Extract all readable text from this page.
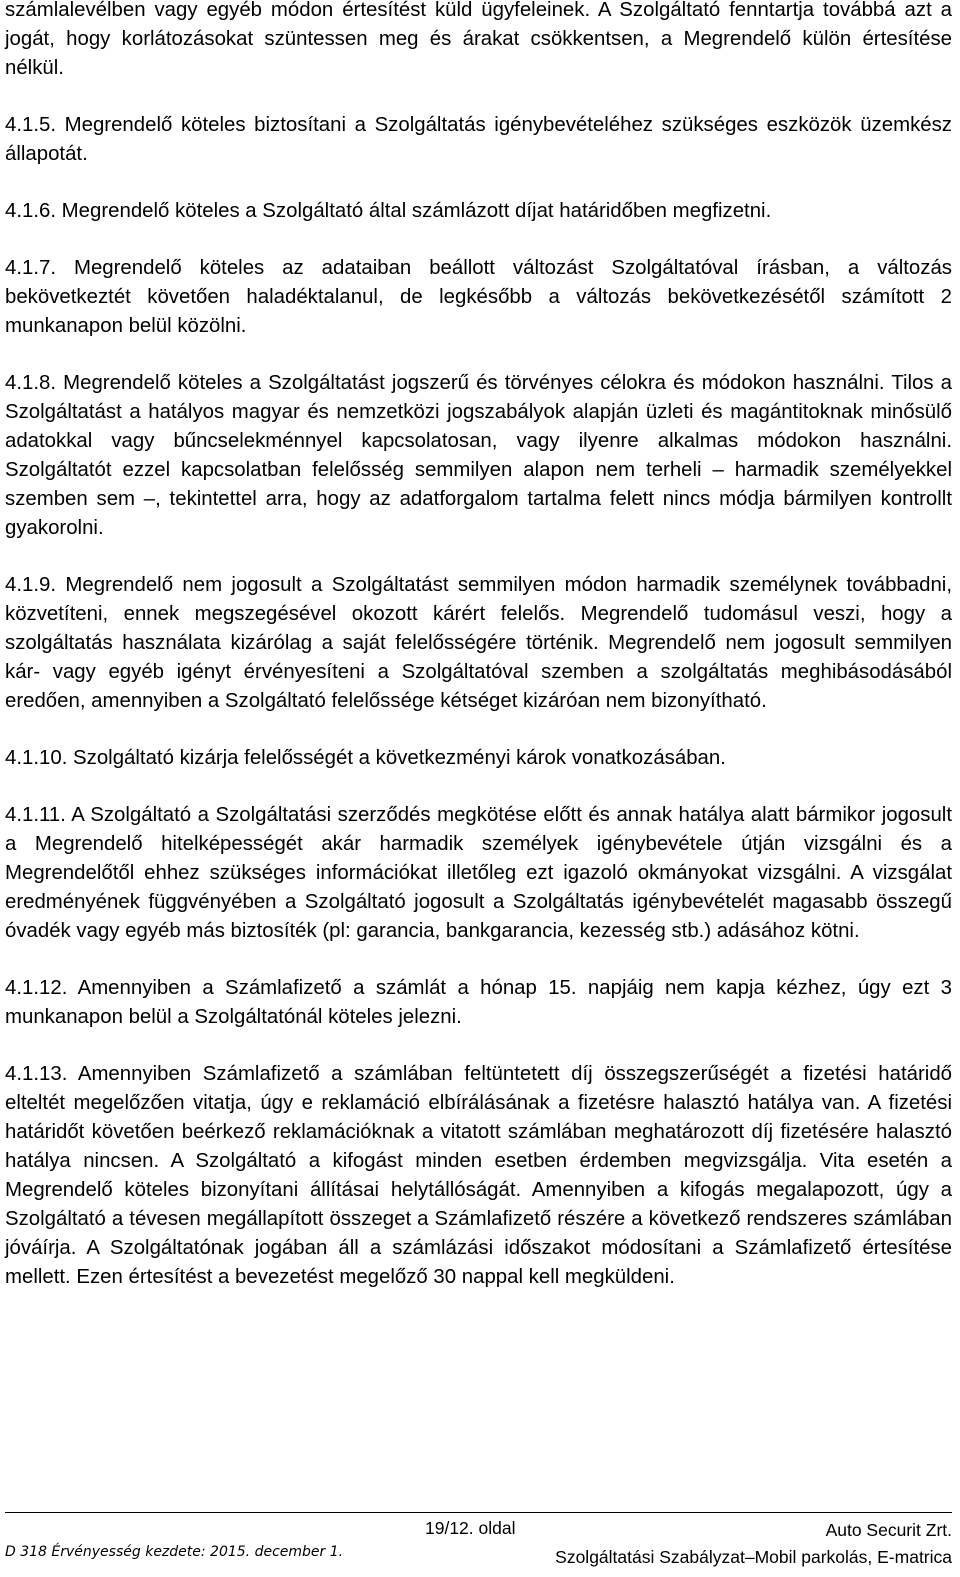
számlalevélben vagy egyéb módon értesítést küld ügyfeleinek. A Szolgáltató fenntartja továbbá azt a jogát, hogy korlátozásokat szüntessen meg és árakat csökkentsen, a Megrendelő külön értesítése nélkül.

4.1.5. Megrendelő köteles biztosítani a Szolgáltatás igénybevételéhez szükséges eszközök üzemkész állapotát.

4.1.6. Megrendelő köteles a Szolgáltató által számlázott díjat határidőben megfizetni.

4.1.7. Megrendelő köteles az adataiban beállott változást Szolgáltatóval írásban, a változás bekövetkeztét követően haladéktalanul, de legkésőbb a változás bekövetkezésétől számított 2 munkanapon belül közölni.

4.1.8. Megrendelő köteles a Szolgáltatást jogszerű és törvényes célokra és módokon használni. Tilos a Szolgáltatást a hatályos magyar és nemzetközi jogszabályok alapján üzleti és magántitoknak minősülő adatokkal vagy bűncselekménnyel kapcsolatosan, vagy ilyenre alkalmas módokon használni. Szolgáltatót ezzel kapcsolatban felelősség semmilyen alapon nem terheli – harmadik személyekkel szemben sem –, tekintettel arra, hogy az adatforgalom tartalma felett nincs módja bármilyen kontrollt gyakorolni.

4.1.9. Megrendelő nem jogosult a Szolgáltatást semmilyen módon harmadik személynek továbbadni, közvetíteni, ennek megszegésével okozott kárért felelős. Megrendelő tudomásul veszi, hogy a szolgáltatás használata kizárólag a saját felelősségére történik. Megrendelő nem jogosult semmilyen kár- vagy egyéb igényt érvényesíteni a Szolgáltatóval szemben a szolgáltatás meghibásodásából eredően, amennyiben a Szolgáltató felelőssége kétséget kizáróan nem bizonyítható.

4.1.10. Szolgáltató kizárja felelősségét a következményi károk vonatkozásában.

4.1.11. A Szolgáltató a Szolgáltatási szerződés megkötése előtt és annak hatálya alatt bármikor jogosult a Megrendelő hitelképességét akár harmadik személyek igénybevétele útján vizsgálni és a Megrendelőtől ehhez szükséges információkat illetőleg ezt igazoló okmányokat vizsgálni. A vizsgálat eredményének függvényében a Szolgáltató jogosult a Szolgáltatás igénybevételét magasabb összegű óvadék vagy egyéb más biztosíték (pl: garancia, bankgarancia, kezesség stb.) adásához kötni.

4.1.12. Amennyiben a Számlafizető a számlát a hónap 15. napjáig nem kapja kézhez, úgy ezt 3 munkanapon belül a Szolgáltatónál köteles jelezni.

4.1.13. Amennyiben Számlafizető a számlában feltüntetett díj összegszerűségét a fizetési határidő elteltét megelőzően vitatja, úgy e reklamáció elbírálásának a fizetésre halasztó hatálya van. A fizetési határidőt követően beérkező reklamációknak a vitatott számlában meghatározott díj fizetésére halasztó hatálya nincsen. A Szolgáltató a kifogást minden esetben érdemben megvizsgálja. Vita esetén a Megrendelő köteles bizonyítani állításai helytállóságát. Amennyiben a kifogás megalapozott, úgy a Szolgáltató a tévesen megállapított összeget a Számlafizető részére a következő rendszeres számlában jóváírja. A Szolgáltatónak jogában áll a számlázási időszakot módosítani a Számlafizető értesítése mellett. Ezen értesítést a bevezetést megelőző 30 nappal kell megküldeni.

D 318 Érvényesség kezdete: 2015. december 1.
19/12. oldal	Auto Securit Zrt.
Szolgáltatási Szabályzat–Mobil parkolás, E-matrica
